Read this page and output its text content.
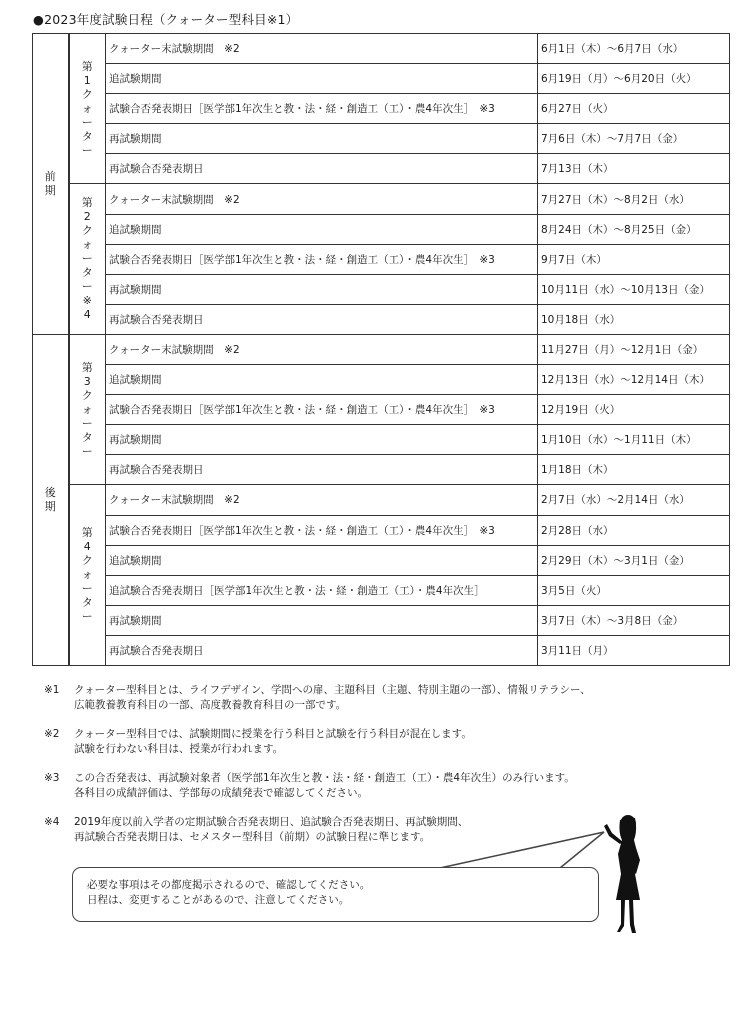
●2023年度試験日程（クォーター型科目※1）
前期	第1クォーター	クォーター末試験期間　※2	6月1日（木）～6月7日（水）
		追試験期間	6月19日（月）～6月20日（火）
		試験合否発表期日［医学部1年次生と教・法・経・創造工（工）・農4年次生］　※3	6月27日（火）
		再試験期間	7月6日（木）～7月7日（金）
		再試験合否発表期日	7月13日（木）
	第2クォーター※4	クォーター末試験期間　※2	7月27日（木）～8月2日（水）
		追試験期間	8月24日（木）～8月25日（金）
		試験合否発表期日［医学部1年次生と教・法・経・創造工（工）・農4年次生］　※3	9月7日（木）
		再試験期間	10月11日（水）～10月13日（金）
		再試験合否発表期日	10月18日（水）
後期	第3クォーター	クォーター末試験期間　※2	11月27日（月）～12月1日（金）
		追試験期間	12月13日（水）～12月14日（木）
		試験合否発表期日［医学部1年次生と教・法・経・創造工（工）・農4年次生］　※3	12月19日（火）
		再試験期間	1月10日（水）～1月11日（木）
		再試験合否発表期日	1月18日（木）
	第4クォーター	クォーター末試験期間　※2	2月7日（水）～2月14日（水）
		試験合否発表期日［医学部1年次生と教・法・経・創造工（工）・農4年次生］　※3	2月28日（水）
		追試験期間	2月29日（木）～3月1日（金）
		追試験合否発表期日［医学部1年次生と教・法・経・創造工（工）・農4年次生］	3月5日（火）
		再試験期間	3月7日（木）～3月8日（金）
		再試験合否発表期日	3月11日（月）
※1	クォーター型科目とは、ライフデザイン、学問への扉、主題科目（主題、特別主題の一部）、情報リテラシー、

広範教養教育科目の一部、高度教養教育科目の一部です。

※2	クォーター型科目では、試験期間に授業を行う科目と試験を行う科目が混在します。

試験を行わない科目は、授業が行われます。

※3	この合否発表は、再試験対象者（医学部1年次生と教・法・経・創造工（工）・農4年次生）のみ行います。

各科目の成績評価は、学部毎の成績発表で確認してください。

※4	2019年度以前入学者の定期試験合否発表期日、追試験合否発表期日、再試験期間、

再試験合否発表期日は、セメスター型科目（前期）の試験日程に準じます。

必要な事項はその都度掲示されるので、確認してください。

日程は、変更することがあるので、注意してください。
